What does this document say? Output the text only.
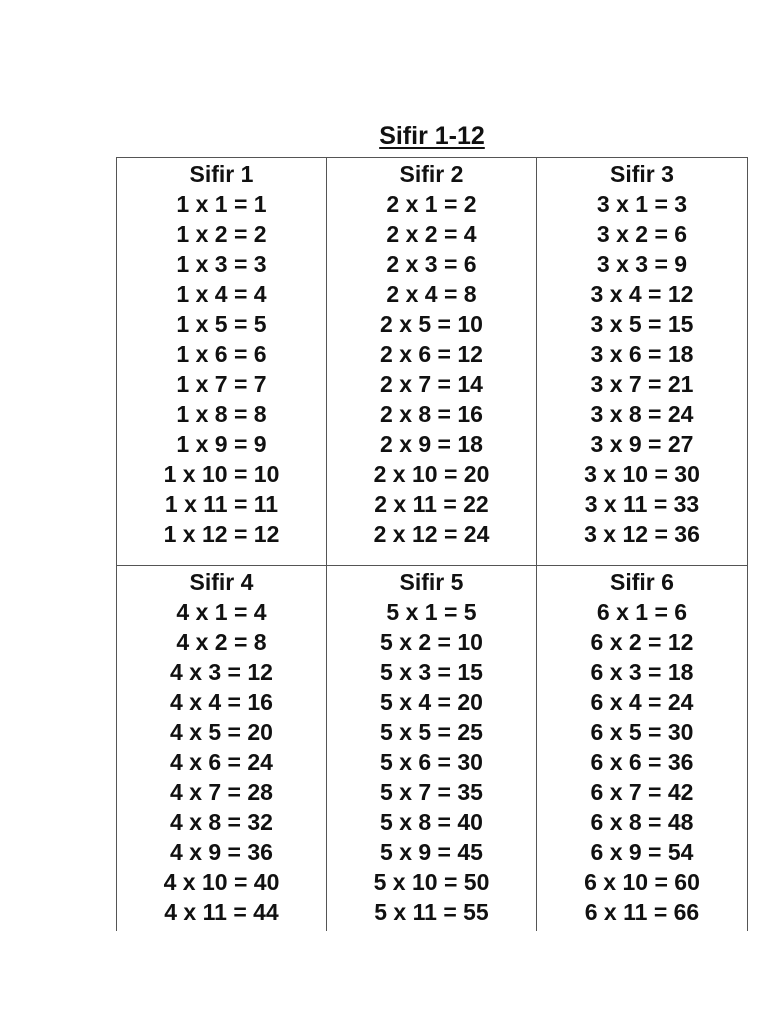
Sifir 1-12
Sifir 1
1 x 1 = 1
1 x 2 = 2
1 x 3 = 3
1 x 4 = 4
1 x 5 = 5
1 x 6 = 6
1 x 7 = 7
1 x 8 = 8
1 x 9 = 9
1 x 10 = 10
1 x 11 = 11
1 x 12 = 12
Sifir 2
2 x 1 = 2
2 x 2 = 4
2 x 3 = 6
2 x 4 = 8
2 x 5 = 10
2 x 6 = 12
2 x 7 = 14
2 x 8 = 16
2 x 9 = 18
2 x 10 = 20
2 x 11 = 22
2 x 12 = 24
Sifir 3
3 x 1 = 3
3 x 2 = 6
3 x 3 = 9
3 x 4 = 12
3 x 5 = 15
3 x 6 = 18
3 x 7 = 21
3 x 8 = 24
3 x 9 = 27
3 x 10 = 30
3 x 11 = 33
3 x 12 = 36
Sifir 4
4 x 1 = 4
4 x 2 = 8
4 x 3 = 12
4 x 4 = 16
4 x 5 = 20
4 x 6 = 24
4 x 7 = 28
4 x 8 = 32
4 x 9 = 36
4 x 10 = 40
4 x 11 = 44
Sifir 5
5 x 1 = 5
5 x 2 = 10
5 x 3 = 15
5 x 4 = 20
5 x 5 = 25
5 x 6 = 30
5 x 7 = 35
5 x 8 = 40
5 x 9 = 45
5 x 10 = 50
5 x 11 = 55
Sifir 6
6 x 1 = 6
6 x 2 = 12
6 x 3 = 18
6 x 4 = 24
6 x 5 = 30
6 x 6 = 36
6 x 7 = 42
6 x 8 = 48
6 x 9 = 54
6 x 10 = 60
6 x 11 = 66
